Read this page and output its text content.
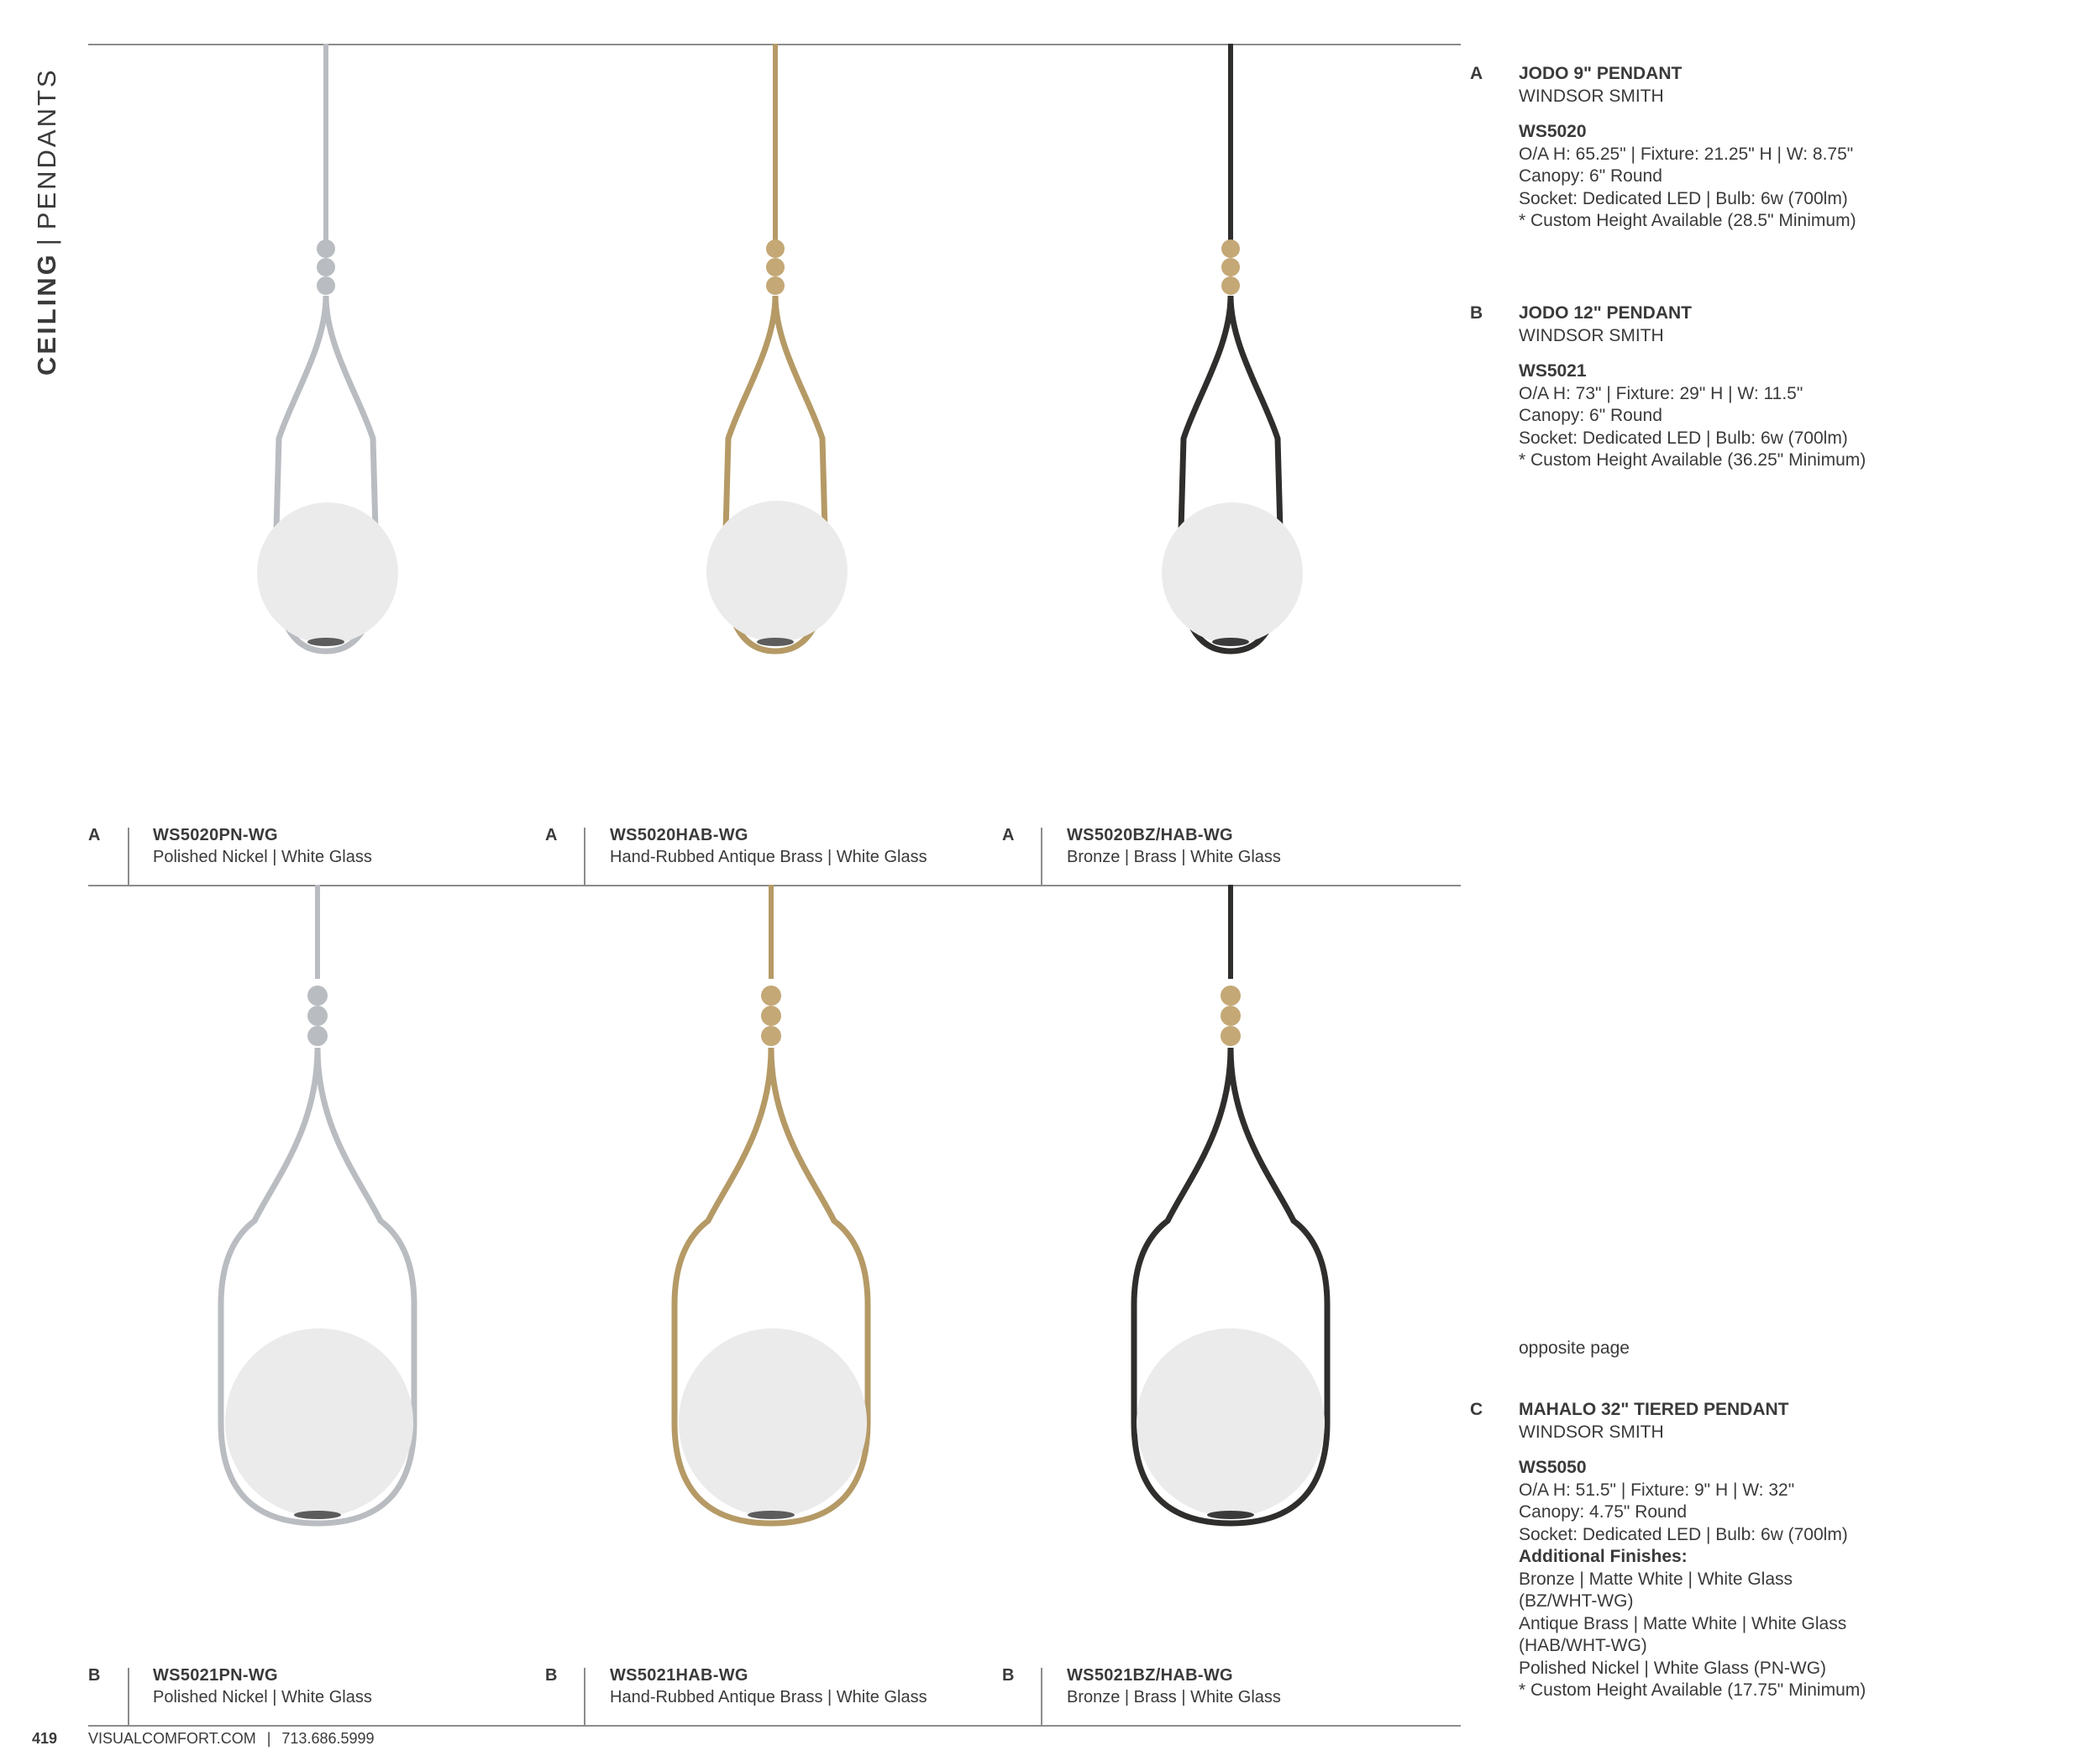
CEILING|PENDANTS
A	WS5020PN-WG
Polished Nickel | White Glass
A	WS5020HAB-WG
Hand-Rubbed Antique Brass | White Glass
A	WS5020BZ/HAB-WG
Bronze | Brass | White Glass
B	WS5021PN-WG
Polished Nickel | White Glass
B	WS5021HAB-WG
Hand-Rubbed Antique Brass | White Glass
B	WS5021BZ/HAB-WG
Bronze | Brass | White Glass
A JODO 9" PENDANT
WINDSOR SMITH
WS5020
O/A H: 65.25" | Fixture: 21.25" H | W: 8.75"
Canopy: 6" Round
Socket: Dedicated LED | Bulb: 6w (700lm)
* Custom Height Available (28.5" Minimum)
B JODO 12" PENDANT
WINDSOR SMITH
WS5021
O/A H: 73" | Fixture: 29" H | W: 11.5"
Canopy: 6" Round
Socket: Dedicated LED | Bulb: 6w (700lm)
* Custom Height Available (36.25" Minimum)
opposite page
C MAHALO 32" TIERED PENDANT
WINDSOR SMITH
WS5050
O/A H: 51.5" | Fixture: 9" H | W: 32"
Canopy: 4.75" Round
Socket: Dedicated LED | Bulb: 6w (700lm)
Additional Finishes:
Bronze | Matte White | White Glass
(BZ/WHT-WG)
Antique Brass | Matte White | White Glass
(HAB/WHT-WG)
Polished Nickel | White Glass (PN-WG)
* Custom Height Available (17.75" Minimum)
419 VISUALCOMFORT.COM | 713.686.5999
